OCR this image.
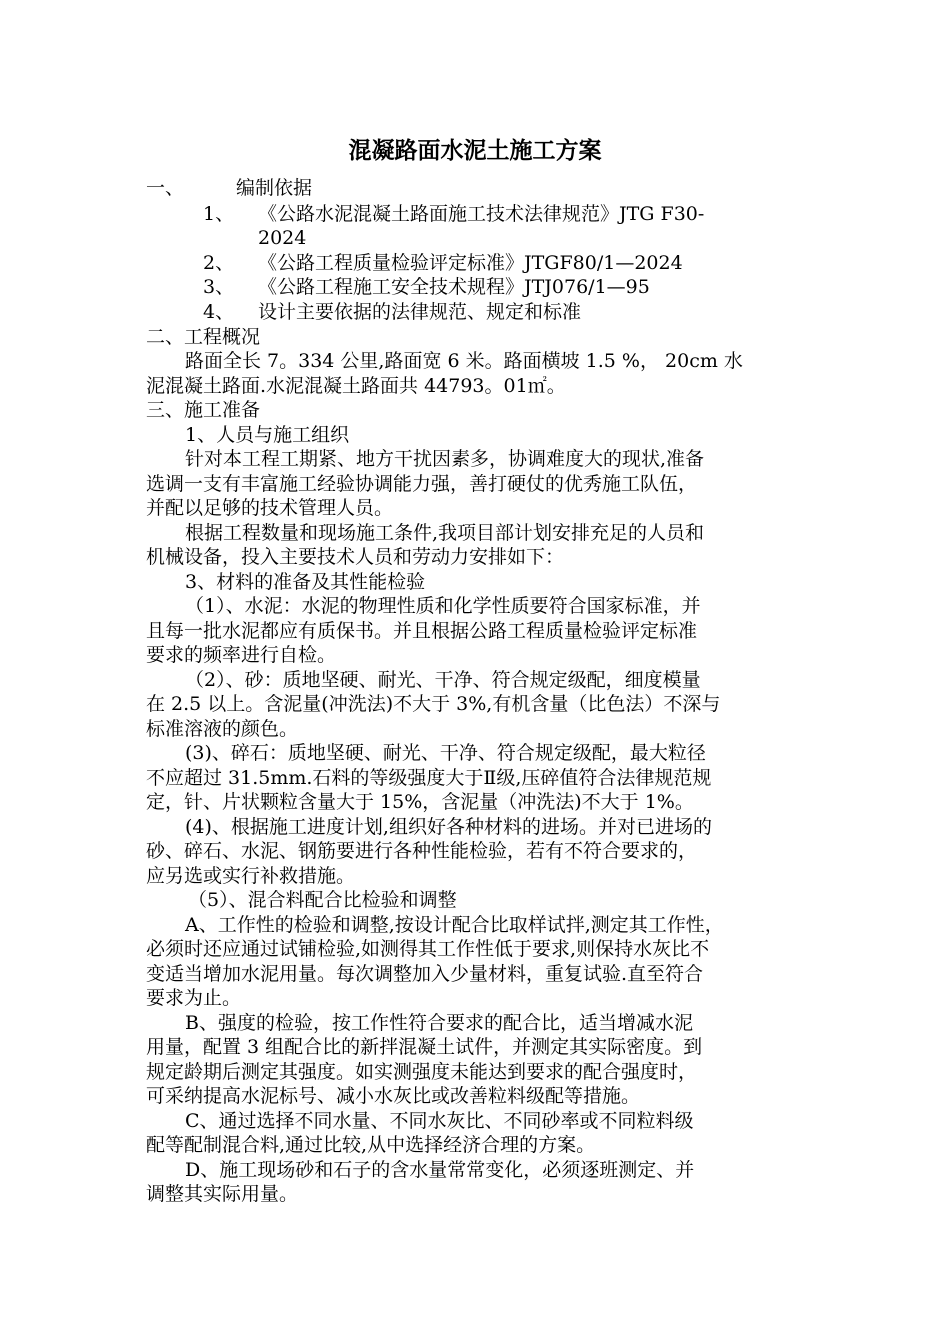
混凝路面水泥土施工方案
一、	编制依据
1、 《公路水泥混凝土路面施工技术法律规范》JTG F30-
2024
2、 《公路工程质量检验评定标准》JTGF80/1—2024
3、 《公路工程施工安全技术规程》JTJ076/1—95
4、 设计主要依据的法律规范、规定和标准
二、工程概况
路面全长 7。334 公里,路面宽 6 米。路面横坡 1.5 %， 20cm 水
泥混凝土路面.水泥混凝土路面共 44793。01㎡。
三、施工准备
1、人员与施工组织
针对本工程工期紧、地方干扰因素多，协调难度大的现状,准备
选调一支有丰富施工经验协调能力强，善打硬仗的优秀施工队伍，
并配以足够的技术管理人员。
根据工程数量和现场施工条件,我项目部计划安排充足的人员和
机械设备，投入主要技术人员和劳动力安排如下：
3、材料的准备及其性能检验
（1）、水泥：水泥的物理性质和化学性质要符合国家标准，并
且每一批水泥都应有质保书。并且根据公路工程质量检验评定标准
要求的频率进行自检。
（2）、砂：质地坚硬、耐光、干净、符合规定级配，细度模量
在 2.5 以上。含泥量(冲洗法)不大于 3%,有机含量（比色法）不深与
标准溶液的颜色。
(3)、碎石：质地坚硬、耐光、干净、符合规定级配，最大粒径
不应超过 31.5mm.石料的等级强度大于Ⅱ级,压碎值符合法律规范规
定，针、片状颗粒含量大于 15%，含泥量（冲洗法)不大于 1%。
(4)、根据施工进度计划,组织好各种材料的进场。并对已进场的
砂、碎石、水泥、钢筋要进行各种性能检验，若有不符合要求的，
应另选或实行补救措施。
（5）、混合料配合比检验和调整
A、工作性的检验和调整,按设计配合比取样试拌,测定其工作性，
必须时还应通过试铺检验,如测得其工作性低于要求,则保持水灰比不
变适当增加水泥用量。每次调整加入少量材料，重复试验.直至符合
要求为止。
B、强度的检验，按工作性符合要求的配合比，适当增减水泥
用量，配置 3 组配合比的新拌混凝土试件，并测定其实际密度。到
规定龄期后测定其强度。如实测强度未能达到要求的配合强度时，
可采纳提高水泥标号、减小水灰比或改善粒料级配等措施。
C、通过选择不同水量、不同水灰比、不同砂率或不同粒料级
配等配制混合料,通过比较,从中选择经济合理的方案。
D、施工现场砂和石子的含水量常常变化，必须逐班测定、并
调整其实际用量。
